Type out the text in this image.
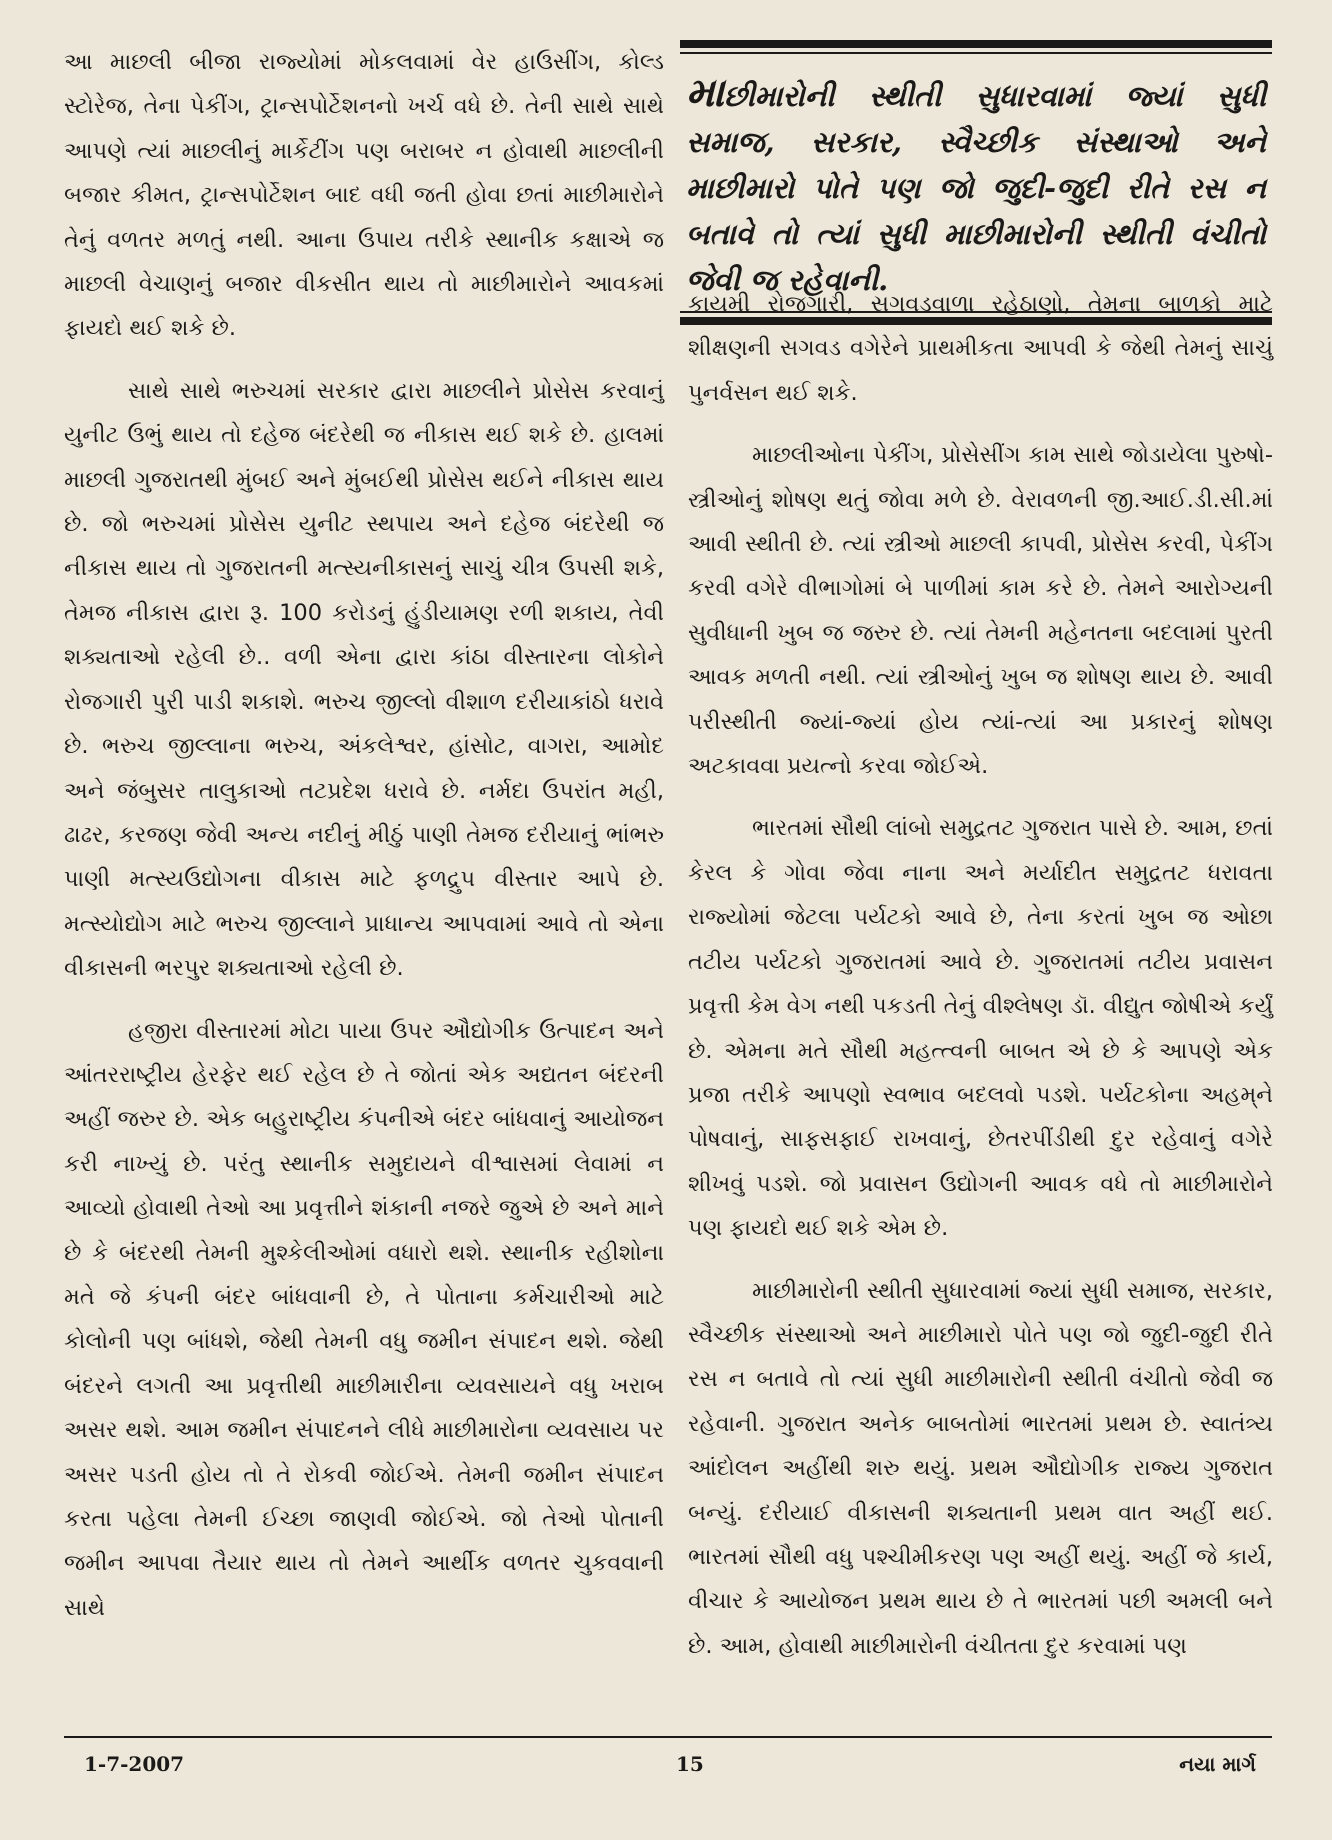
આ માછલી બીજા રાજ્યોમાં મોકલવામાં વેર હાઉસીંગ, કોલ્ડ સ્ટોરેજ, તેના પેકીંગ, ટ્રાન્સપોર્ટેશનનો ખર્ચ વધે છે. તેની સાથે સાથે આપણે ત્યાં માછલીનું માર્કેટીંગ પણ બરાબર ન હોવાથી માછલીની બજાર કીમત, ટ્રાન્સપોર્ટેશન બાદ વધી જતી હોવા છતાં માછીમારોને તેનું વળતર મળતું નથી. આના ઉપાય તરીકે સ્થાનીક કક્ષાએ જ માછલી વેચાણનું બજાર વીકસીત થાય તો માછીમારોને આવકમાં ફાયદો થઈ શકે છે.

સાથે સાથે ભરુચમાં સરકાર દ્વારા માછલીને પ્રોસેસ કરવાનું યુનીટ ઉભું થાય તો દહેજ બંદરેથી જ નીકાસ થઈ શકે છે. હાલમાં માછલી ગુજરાતથી મુંબઈ અને મુંબઈથી પ્રોસેસ થઈને નીકાસ થાય છે. જો ભરુચમાં પ્રોસેસ યુનીટ સ્થપાય અને દહેજ બંદરેથી જ નીકાસ થાય તો ગુજરાતની મત્સ્યનીકાસનું સાચું ચીત્ર ઉપસી શકે, તેમજ નીકાસ દ્વારા રૂ. 100 કરોડનું હુંડીયામણ રળી શકાય, તેવી શક્યતાઓ રહેલી છે.. વળી એના દ્વારા કાંઠા વીસ્તારના લોકોને રોજગારી પુરી પાડી શકાશે. ભરુચ જીલ્લો વીશાળ દરીયાકાંઠો ધરાવે છે. ભરુચ જીલ્લાના ભરુચ, અંકલેશ્વર, હાંસોટ, વાગરા, આમોદ અને જંબુસર તાલુકાઓ તટપ્રદેશ ધરાવે છે. નર્મદા ઉપરાંત મહી, ઢાઢર, કરજણ જેવી અન્ય નદીનું મીઠું પાણી તેમજ દરીયાનું ભાંભરુ પાણી મત્સ્યઉદ્યોગના વીકાસ માટે ફળદ્રુપ વીસ્તાર આપે છે. મત્સ્યોદ્યોગ માટે ભરુચ જીલ્લાને પ્રાધાન્ય આપવામાં આવે તો એના વીકાસની ભરપુર શક્યતાઓ રહેલી છે.

હજીરા વીસ્તારમાં મોટા પાયા ઉપર ઔદ્યોગીક ઉત્પાદન અને આંતરરાષ્ટ્રીય હેરફેર થઈ રહેલ છે તે જોતાં એક અદ્યતન બંદરની અહીં જરુર છે. એક બહુરાષ્ટ્રીય કંપનીએ બંદર બાંધવાનું આયોજન કરી નાખ્યું છે. પરંતુ સ્થાનીક સમુદાયને વીશ્વાસમાં લેવામાં ન આવ્યો હોવાથી તેઓ આ પ્રવૃત્તીને શંકાની નજરે જુએ છે અને માને છે કે બંદરથી તેમની મુશ્કેલીઓમાં વધારો થશે. સ્થાનીક રહીશોના મતે જે કંપની બંદર બાંધવાની છે, તે પોતાના કર્મચારીઓ માટે કોલોની પણ બાંધશે, જેથી તેમની વધુ જમીન સંપાદન થશે. જેથી બંદરને લગતી આ પ્રવૃત્તીથી માછીમારીના વ્યવસાયને વધુ ખરાબ અસર થશે. આમ જમીન સંપાદનને લીધે માછીમારોના વ્યવસાય પર અસર પડતી હોય તો તે રોકવી જોઈએ. તેમની જમીન સંપાદન કરતા પહેલા તેમની ઈચ્છા જાણવી જોઈએ. જો તેઓ પોતાની જમીન આપવા તૈયાર થાય તો તેમને આર્થીક વળતર ચુકવવાની સાથે

માછીમારોની સ્થીતી સુધારવામાં જ્યાં સુધી સમાજ, સરકાર, સ્વૈચ્છીક સંસ્થાઓ અને માછીમારો પોતે પણ જો જુદી-જુદી રીતે રસ ન બતાવે તો ત્યાં સુધી માછીમારોની સ્થીતી વંચીતો જેવી જ રહેવાની.

કાયમી રોજગારી, સગવડવાળા રહેઠાણો, તેમના બાળકો માટે શીક્ષણની સગવડ વગેરેને પ્રાથમીકતા આપવી કે જેથી તેમનું સાચું પુનર્વસન થઈ શકે.

માછલીઓના પેકીંગ, પ્રોસેસીંગ કામ સાથે જોડાયેલા પુરુષો-સ્ત્રીઓનું શોષણ થતું જોવા મળે છે. વેરાવળની જી.આઈ.ડી.સી.માં આવી સ્થીતી છે. ત્યાં સ્ત્રીઓ માછલી કાપવી, પ્રોસેસ કરવી, પેકીંગ કરવી વગેરે વીભાગોમાં બે પાળીમાં કામ કરે છે. તેમને આરોગ્યની સુવીધાની ખુબ જ જરુર છે. ત્યાં તેમની મહેનતના બદલામાં પુરતી આવક મળતી નથી. ત્યાં સ્ત્રીઓનું ખુબ જ શોષણ થાય છે. આવી પરીસ્થીતી જ્યાં-જ્યાં હોય ત્યાં-ત્યાં આ પ્રકારનું શોષણ અટકાવવા પ્રયત્નો કરવા જોઈએ.

ભારતમાં સૌથી લાંબો સમુદ્રતટ ગુજરાત પાસે છે. આમ, છતાં કેરલ કે ગોવા જેવા નાના અને મર્યાદીત સમુદ્રતટ ધરાવતા રાજ્યોમાં જેટલા પર્યટકો આવે છે, તેના કરતાં ખુબ જ ઓછા તટીય પર્યટકો ગુજરાતમાં આવે છે. ગુજરાતમાં તટીય પ્રવાસન પ્રવૃત્તી કેમ વેગ નથી પકડતી તેનું વીશ્લેષણ ડૉ. વીદ્યુત જોષીએ કર્યું છે. એમના મતે સૌથી મહત્ત્વની બાબત એ છે કે આપણે એક પ્રજા તરીકે આપણો સ્વભાવ બદલવો પડશે. પર્યટકોના અહમ્‌ને પોષવાનું, સાફસફાઈ રાખવાનું, છેતરપીંડીથી દુર રહેવાનું વગેરે શીખવું પડશે. જો પ્રવાસન ઉદ્યોગની આવક વધે તો માછીમારોને પણ ફાયદો થઈ શકે એમ છે.

માછીમારોની સ્થીતી સુધારવામાં જ્યાં સુધી સમાજ, સરકાર, સ્વૈચ્છીક સંસ્થાઓ અને માછીમારો પોતે પણ જો જુદી-જુદી રીતે રસ ન બતાવે તો ત્યાં સુધી માછીમારોની સ્થીતી વંચીતો જેવી જ રહેવાની. ગુજરાત અનેક બાબતોમાં ભારતમાં પ્રથમ છે. સ્વાતંત્ર્ય આંદોલન અહીંથી શરુ થયું. પ્રથમ ઔદ્યોગીક રાજ્ય ગુજરાત બન્યું. દરીયાઈ વીકાસની શક્યતાની પ્રથમ વાત અહીં થઈ. ભારતમાં સૌથી વધુ પશ્ચીમીકરણ પણ અહીં થયું. અહીં જે કાર્ય, વીચાર કે આયોજન પ્રથમ થાય છે તે ભારતમાં પછી અમલી બને છે. આમ, હોવાથી માછીમારોની વંચીતતા દુર કરવામાં પણ

1-7-2007	15	નયા માર્ગ
